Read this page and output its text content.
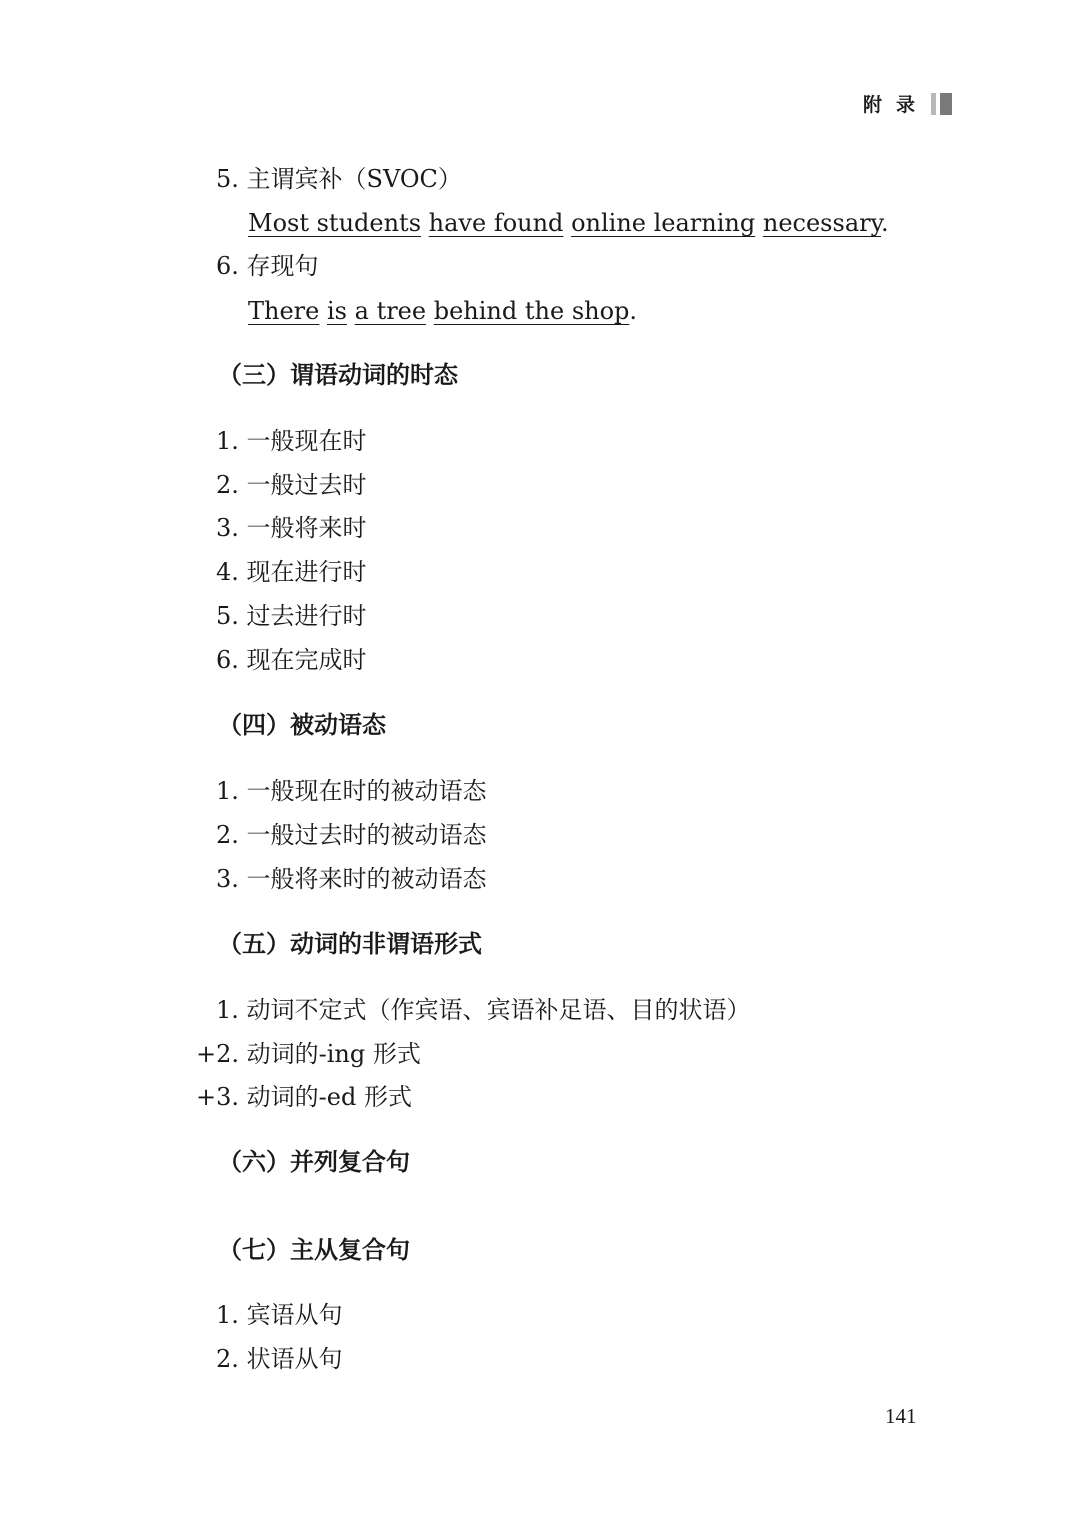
附录
5. 主谓宾补（SVOC）
Most students have found online learning necessary.
6. 存现句
There is a tree behind the shop.
（三）谓语动词的时态
1. 一般现在时
2. 一般过去时
3. 一般将来时
4. 现在进行时
5. 过去进行时
6. 现在完成时
（四）被动语态
1. 一般现在时的被动语态
2. 一般过去时的被动语态
3. 一般将来时的被动语态
（五）动词的非谓语形式
1. 动词不定式（作宾语、宾语补足语、目的状语）
+2. 动词的-ing 形式
+3. 动词的-ed 形式
（六）并列复合句
（七）主从复合句
1. 宾语从句
2. 状语从句
141
